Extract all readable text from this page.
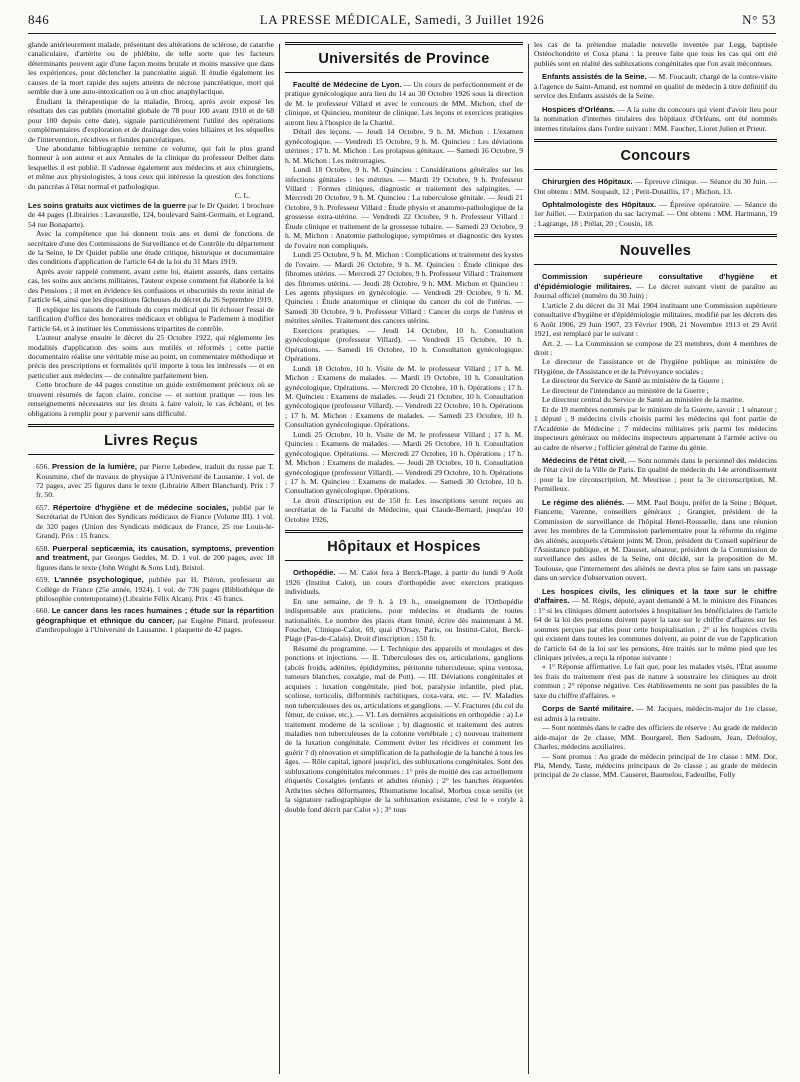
846	LA PRESSE MÉDICALE, Samedi, 3 Juillet 1926	N° 53

glande antérieurement malade, présentant des altérations de sclérose, de catarrhe canaliculaire, d'artérite ou de phlébite, de telle sorte que les facteurs déterminants peuvent agir d'une façon moins brutale et moins massive que dans les expériences, pour déclencher la pancréatite aiguë. Il étudie également les causes de la mort rapide des sujets atteints de nécrose pancréatique, mort qui semble due à une auto-intoxication ou à un choc anaphylactique.

Étudiant la thérapeutique de la maladie, Brocq, après avoir exposé les résultats des cas publiés (mortalité globale de 78 pour 100 avant 1910 et de 68 pour 100 depuis cette date), signale particulièrement l'utilité des opérations complémentaires d'exploration et de drainage des voies biliaires et les séquelles de l'intervention, récidives et fistules pancréatiques.

Une abondante bibliographie termine ce volume, qui fait le plus grand honneur à son auteur et aux Annales de la clinique du professeur Delbet dans lesquelles il est publié. Il s'adresse également aux médecins et aux chirurgiens, et même aux physiologistes, à tous ceux qui intéresse la question des fonctions du pancréas à l'état normal et pathologique.

C. L.

Les soins gratuits aux victimes de la guerre par le Dr Quidet. 1 brochure de 44 pages (Librairies : Lavauzelle, 124, boulevard Saint-Germain, et Legrand, 54 rue Bonaparte).

Avec la compétence que lui donnent trois ans et demi de fonctions de secrétaire d'une des Commissions de Surveillance et de Contrôle du département de la Seine, le Dr Quidet publie une étude critique, historique et documentaire des conditions d'application de l'article 64 de la loi du 31 Mars 1919.

Après avoir rappelé comment, avant cette loi, étaient assurés, dans certains cas, les soins aux anciens militaires, l'auteur expose comment fut élaborée la loi des Pensions ; il met en évidence les confusions et obscurités du texte initial de l'article 64, ainsi que les dispositions fâcheuses du décret du 26 Septembre 1919.

Il explique les raisons de l'attitude du corps médical qui fit échouer l'essai de tarification d'office des honoraires médicaux et obligea le Parlement à modifier l'article 64, et à instituer les Commissions tripartites de contrôle.

L'auteur analyse ensuite le décret du 25 Octobre 1922, qui réglemente les modalités d'application des soins aux mutilés et réformés ; cette partie documentaire réalise une véritable mise au point, un commentaire méthodique et précis des prescriptions et formalités qu'il importe à tous les intéressés — et en particulier aux médecins — de connaître parfaitement bien.

Cette brochure de 44 pages constitue un guide extrêmement précieux où se trouvent résumés de façon claire, concise — et surtout pratique — tous les renseignements nécessaires sur les droits à faire valoir, le cas échéant, et les obligations à remplir pour y parvenir sans difficulté.

Livres Reçus

656. Pression de la lumière, par Pierre Lebedew, traduit du russe par T. Kousmine, chef de travaux de physique à l'Université de Lausanne. 1 vol. de 72 pages, avec 25 figures dans le texte (Librairie Albert Blanchard). Prix : 7 fr. 50.

657. Répertoire d'hygiène et de médecine sociales, publié par le Secrétariat de l'Union des Syndicats médicaux de France (Volume III). 1 vol. de 320 pages (Union des Syndicats médicaux de France, 25 rue Louis-le-Grand). Prix : 15 francs.

658. Puerperal septicæmia, its causation, symptoms, prevention and treatment, par Georges Geddes, M. D. 1 vol. de 200 pages, avec 18 figures dans le texte (John Wright & Sons Ltd), Bristol.

659. L'année psychologique, publiée par H. Piéron, professeur au Collège de France (25e année, 1924). 1 vol. de 736 pages (Bibliothèque de philosophie contemporaine) (Librairie Félix Alcan). Prix : 45 francs.

660. Le cancer dans les races humaines ; étude sur la répartition géographique et ethnique du cancer, par Eugène Pittard, professeur d'anthropologie à l'Université de Lausanne. 1 plaquette de 42 pages.

Universités de Province

Faculté de Médecine de Lyon. — Un cours de perfectionnement et de pratique gynécologique aura lieu du 14 au 30 Octobre 1926 sous la direction de M. le professeur Villard et avec le concours de MM. Michon, chef de clinique, et Quincieu, moniteur de clinique. Les leçons et exercices pratiques auront lieu à l'hospice de la Charité.

Détail des leçons. — Jeudi 14 Octobre, 9 h. M. Michon : L'examen gynécologique. — Vendredi 15 Octobre, 9 h. M. Quincieu : Les déviations utérines ; 17 h. M. Michon : Les prolapsus génitaux. — Samedi 16 Octobre, 9 h. M. Michon : Les métrorragies.

Lundi 18 Octobre, 9 h. M. Quincieu : Considérations générales sur les infections génitales : les métrites. — Mardi 19 Octobre, 9 h. Professeur Villard : Formes cliniques, diagnostic et traitement des salpingites. — Mercredi 20 Octobre, 9 h. M. Quincieu : La tuberculose génitale. — Jeudi 21 Octobre, 9 h. Professeur Villard : Étude physio et anatomo-pathologique de la grossesse extra-utérine. — Vendredi 22 Octobre, 9 h. Professeur Villard : Étude clinique et traitement de la grossesse tubaire. — Samedi 23 Octobre, 9 h. M. Michon : Anatomie pathologique, symptômes et diagnostic des kystes de l'ovaire non compliqués.

Lundi 25 Octobre, 9 h. M. Michon : Complications et traitement des kystes de l'ovaire. — Mardi 26 Octobre, 9 h. M. Quincieu : Étude clinique des fibromes utérins. — Mercredi 27 Octobre, 9 h. Professeur Villard : Traitement des fibromes utérins. — Jeudi 28 Octobre, 9 h. MM. Michon et Quincieu : Les agents physiques en gynécologie. — Vendredi 29 Octobre, 9 h. M. Quincieu : Étude anatomique et clinique du cancer du col de l'utérus. — Samedi 30 Octobre, 9 h. Professeur Villard : Cancer du corps de l'utérus et métrites séniles. Traitement des cancers utérins.

Exercices pratiques. — Jeudi 14 Octobre, 10 h. Consultation gynécologique (professeur Villard). — Vendredi 15 Octobre, 10 h. Opérations. — Samedi 16 Octobre, 10 h. Consultation gynécologique. Opérations.

Lundi 18 Octobre, 10 h. Visite de M. le professeur Villard ; 17 h. M. Michon : Examens de malades. — Mardi 19 Octobre, 10 h. Consultation gynécologique. Opérations. — Mercredi 20 Octobre, 10 h. Opérations ; 17 h. M. Quincieu : Examens de malades. — Jeudi 21 Octobre, 10 h. Consultation gynécologique (professeur Villard). — Vendredi 22 Octobre, 10 h. Opérations ; 17 h. M. Michon : Examens de malades. — Samedi 23 Octobre, 10 h. Consultation gynécologique. Opérations.

Lundi 25 Octobre, 10 h. Visite de M. le professeur Villard ; 17 h. M. Quincieu : Examens de malades. — Mardi 26 Octobre, 10 h. Consultation gynécologique. Opérations. — Mercredi 27 Octobre, 10 h. Opérations ; 17 h. M. Michon : Examens de malades. — Jeudi 28 Octobre, 10 h. Consultation gynécologique (professeur Villard). — Vendredi 29 Octobre, 10 h. Opérations ; 17 h. M. Quincieu : Examens de malades. — Samedi 30 Octobre, 10 h. Consultation gynécologique. Opérations.

Le droit d'inscription est de 150 fr. Les inscriptions seront reçues au secrétariat de la Faculté de Médecine, quai Claude-Bernard, jusqu'au 10 Octobre 1926.

Hôpitaux et Hospices

Orthopédie. — M. Calot fera à Berck-Plage, à partir du lundi 9 Août 1926 (Institut Calot), un cours d'orthopédie avec exercices pratiques individuels.

En une semaine, de 9 h. à 19 h., enseignement de l'Orthopédie indispensable aux praticiens, pour médecins et étudiants de toutes nationalités. Le nombre des places étant limité, écrire dès maintenant à M. Fouchet, Clinique-Calot, 69, quai d'Orsay, Paris, ou Institut-Calot, Berck-Plage (Pas-de-Calais). Droit d'inscription : 150 fr.

Résumé du programme. — I. Technique des appareils et moulages et des ponctions et injections. — II. Tuberculoses des os, articulations, ganglions (abcès froids, adénites, épididymites, péritonite tuberculeuse, spina ventosa, tumeurs blanches, coxalgie, mal de Pott). — III. Déviations congénitales et acquises : luxation congénitale, pied bot, paralysie infantile, pied plat, scoliose, torticolis, difformités rachitiques, coxa-vara, etc. — IV. Maladies non tuberculeuses des os, articulations et ganglions. — V. Fractures (du col du fémur, de cuisse, etc.). — VI. Les dernières acquisitions en orthopédie : a) Le traitement moderne de la scoliose ; b) diagnostic et traitement des autres maladies non tuberculeuses de la colonne vertébrale ; c) nouveau traitement de la luxation congénitale. Comment éviter les récidives et comment les guérir ? d) rénovation et simplification de la pathologie de la hanche à tous les âges. — Rôle capital, ignoré jusqu'ici, des subluxations congénitales. Sont des subluxations congénitales méconnues : 1° près de moitié des cas actuellement étiquetés Coxalgies (enfants et adultes réunis) ; 2° les hanches étiquetées Arthrites sèches déformantes, Rhumatisme localisé, Morbus coxæ senilis (et la signature radiographique de la subluxation existante, c'est le « cotyle à double fond décrit par Calot ») ; 3° tous

les cas de la prétendue maladie nouvelle inventée par Legg, baptisée Ostéochondrite et Coxa plana : la preuve faite que tous les cas qui ont été publiés sont en réalité des subluxations congénitales que l'on avait méconnues.

Enfants assistés de la Seine. — M. Foucault, chargé de la contre-visite à l'agence de Saint-Amand, est nommé en qualité de médecin à titre définitif du service des Enfants assistés de la Seine.

Hospices d'Orléans. — A la suite du concours qui vient d'avoir lieu pour la nomination d'internes titulaires des hôpitaux d'Orléans, ont été nommés internes titulaires dans l'ordre suivant : MM. Faucher, Lioret Julien et Prieur.

Concours

Chirurgien des Hôpitaux. — Épreuve clinique. — Séance du 30 Juin. — Ont obtenu : MM. Soupault, 12 ; Petit-Dutaillis, 17 ; Michon, 13.

Ophtalmologiste des Hôpitaux. — Épreuve opératoire. — Séance du 1er Juillet. — Extirpation du sac lacrymal. — Ont obtenu : MM. Hartmann, 19 ; Lagrange, 18 ; Prélat, 20 ; Cousin, 18.

Nouvelles

Commission supérieure consultative d'hygiène et d'épidémiologie militaires. — Le décret suivant vient de paraître au Journal officiel (numéro du 30 Juin) :

L'article 2 du décret du 31 Mai 1904 instituant une Commission supérieure consultative d'hygiène et d'épidémiologie militaires, modifié par les décrets des 6 Août 1906, 29 Juin 1907, 23 Février 1908, 21 Novembre 1913 et 29 Avril 1921, est remplacé par le suivant :

Art. 2. — La Commission se compose de 23 membres, dont 4 membres de droit :

Le directeur de l'assistance et de l'hygiène publique au ministère de l'Hygiène, de l'Assistance et de la Prévoyance sociales ;

Le directeur du Service de Santé au ministère de la Guerre ;

Le directeur de l'intendance au ministère de la Guerre ;

Le directeur central du Service de Santé au ministère de la marine.

Et de 19 membres nommés par le ministre de la Guerre, savoir : 1 sénateur ; 1 député ; 9 médecins civils choisis parmi les médecins qui font partie de l'Académie de Médecine ; 7 médecins militaires pris parmi les médecins inspecteurs généraux ou médecins inspecteurs appartenant à l'armée active ou au cadre de réserve ; l'officier général de l'arme du génie.

Médecins de l'état civil. — Sont nommés dans le personnel des médecins de l'état civil de la Ville de Paris. En qualité de médecin du 14e arrondissement : pour la 1re circonscription, M. Meurisse ; pour la 3e circonscription, M. Permilleux.

Le régime des aliénés. — MM. Paul Bouju, préfet de la Seine ; Béquet, Fiancette, Varenne, conseillers généraux ; Grangier, président de la Commission de surveillance de l'hôpital Henri-Rousselle, dans une réunion avec les membres de la Commission parlementaire pour la réforme du régime des aliénés, auxquels s'étaient joints M. Dron, président du Conseil supérieur de l'Assistance publique, et M. Dausset, sénateur, président de la Commission de surveillance des asiles de la Seine, ont décidé, sur la proposition de M. Toulouse, que l'internement des aliénés ne devra plus se faire sans un passage dans un service d'observation ouvert.

Les hospices civils, les cliniques et la taxe sur le chiffre d'affaires. — M. Régis, député, ayant demandé à M. le ministre des Finances : 1° si les cliniques dûment autorisées à hospitaliser les bénéficiaires de l'article 64 de la loi des pensions doivent payer la taxe sur le chiffre d'affaires sur les sommes perçues par elles pour cette hospitalisation ; 2° si les hospices civils qui existent dans toutes les communes doivent, au point de vue de l'application de l'article 64 de la loi sur les pensions, être traités sur le même pied que les cliniques privées, a reçu la réponse suivante :

« 1° Réponse affirmative. Le fait que, pour les malades visés, l'État assume les frais du traitement n'est pas de nature à soustraire les cliniques au droit commun ; 2° réponse négative. Ces établissements ne sont pas passibles de la taxe du chiffre d'affaires. »

Corps de Santé militaire. — M. Jacques, médecin-major de 1re classe, est admis à la retraite.

— Sont nommés dans le cadre des officiers de réserve : Au grade de médecin aide-major de 2e classe, MM. Bourgarel, Ben Sadoum, Jean, Defouloy, Charles, médecins auxiliaires.

— Sont promus : Au grade de médecin principal de 1re classe : MM. Dor, Pla, Mendy, Taste, médecins principaux de 2e classe ; au grade de médecin principal de 2e classe, MM. Causeret, Baumelou, Fadeuilhe, Folly
